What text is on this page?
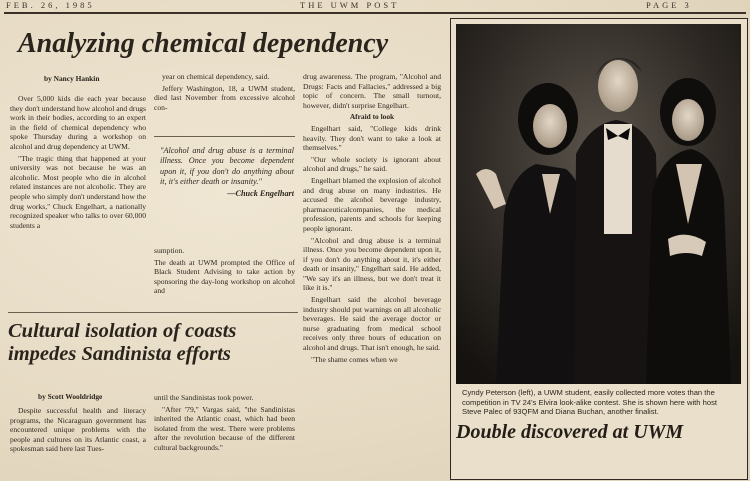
FEB. 26, 1985	THE UWM POST	PAGE 3
Analyzing chemical dependency
by Nancy Hankin

Over 5,000 kids die each year because they don't understand how alcohol and drugs work in their bodies, according to an expert in the field of chemical dependency who spoke Thursday during a workshop on alcohol and drug dependency at UWM.

"The tragic thing that happened at your university was not because he was an alcoholic. Most people who die in alcohol related instances are not alcoholic. They are people who simply don't understand how the drug works," Chuck Engelhart, a nationally recognized speaker who talks to over 60,000 students a

year on chemical dependency, said.

Jeffery Washington, 18, a UWM student, died last November from excessive alcohol con-

"Alcohol and drug abuse is a terminal illness. Once you become dependent upon it, if you don't do anything about it, it's either death or insanity."
—Chuck Engelhart

sumption.

The death at UWM prompted the Office of Black Student Advising to take action by sponsoring the day-long workshop on alcohol and

drug awareness. The program, "Alcohol and Drugs: Facts and Fallacies," addressed a big topic of concern. The small turnout, however, didn't surprise Engelhart.

Afraid to look

Engelhart said, "College kids drink heavily. They don't want to take a look at themselves."

"Our whole society is ignorant about alcohol and drugs," he said.

Engelhart blamed the explosion of alcohol and drug abuse on many industries. He accused the alcohol beverage industry, pharmaceuticalcompanies, the medical profession, parents and schools for keeping people ignorant.

"Alcohol and drug abuse is a terminal illness. Once you become dependent upon it, if you don't do anything about it, it's either death or insanity," Engelhart said. He added, "We say it's an illness, but we don't treat it like it is."

Engelhart said the alcohol beverage industry should put warnings on all alcoholic beverages. He said the average doctor or nurse graduating from medical school receives only three hours of education on alcohol and drugs. That isn't enough, he said.

"The shame comes when we

Cultural isolation of coasts
impedes Sandinista efforts
by Scott Wooldridge

Despite successful health and literacy programs, the Nicaraguan government has encountered unique problems with the people and cultures on its Atlantic coast, a spokesman said here last Tues-

until the Sandinistas took power.

"After '79," Vargas said, "the Sandinistas inherited the Atlantic coast, which had been isolated from the west. There were problems after the revolution because of the different cultural backgrounds."

Cyndy Peterson (left), a UWM student, easily collected more votes than the competition in TV 24's Elvira look-alike contest. She is shown here with host Steve Palec of 93QFM and Diana Buchan, another finalist.
Double discovered at UWM
